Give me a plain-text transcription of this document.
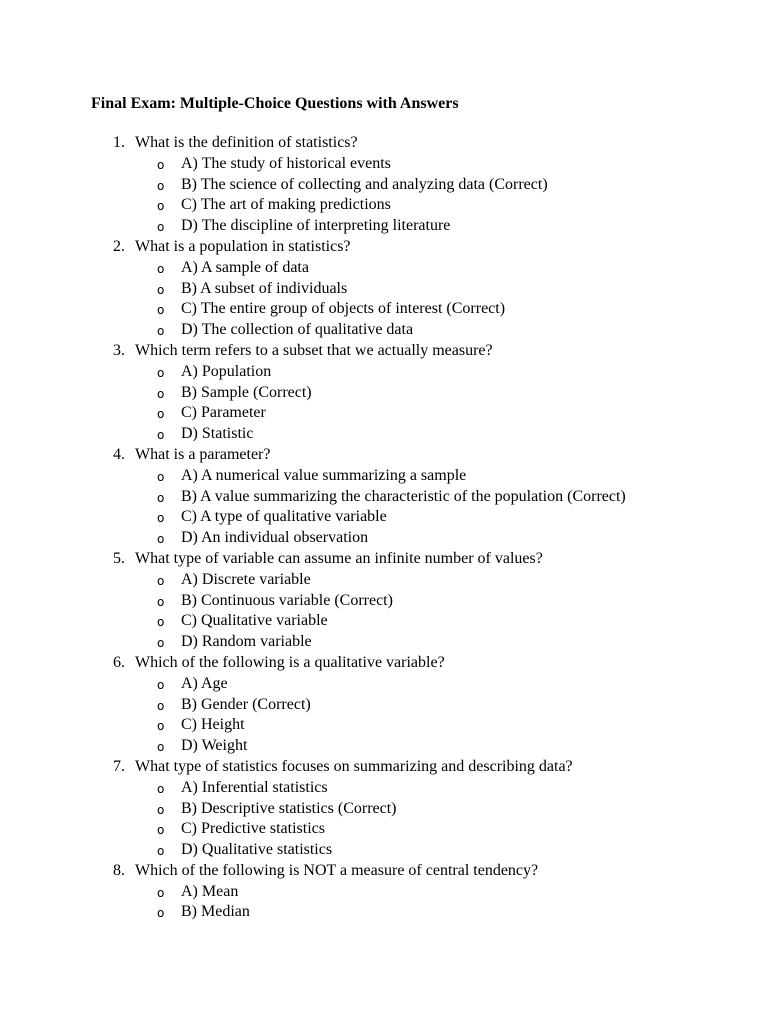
Final Exam: Multiple-Choice Questions with Answers
1. What is the definition of statistics?
o A) The study of historical events
o B) The science of collecting and analyzing data (Correct)
o C) The art of making predictions
o D) The discipline of interpreting literature
2. What is a population in statistics?
o A) A sample of data
o B) A subset of individuals
o C) The entire group of objects of interest (Correct)
o D) The collection of qualitative data
3. Which term refers to a subset that we actually measure?
o A) Population
o B) Sample (Correct)
o C) Parameter
o D) Statistic
4. What is a parameter?
o A) A numerical value summarizing a sample
o B) A value summarizing the characteristic of the population (Correct)
o C) A type of qualitative variable
o D) An individual observation
5. What type of variable can assume an infinite number of values?
o A) Discrete variable
o B) Continuous variable (Correct)
o C) Qualitative variable
o D) Random variable
6. Which of the following is a qualitative variable?
o A) Age
o B) Gender (Correct)
o C) Height
o D) Weight
7. What type of statistics focuses on summarizing and describing data?
o A) Inferential statistics
o B) Descriptive statistics (Correct)
o C) Predictive statistics
o D) Qualitative statistics
8. Which of the following is NOT a measure of central tendency?
o A) Mean
o B) Median
